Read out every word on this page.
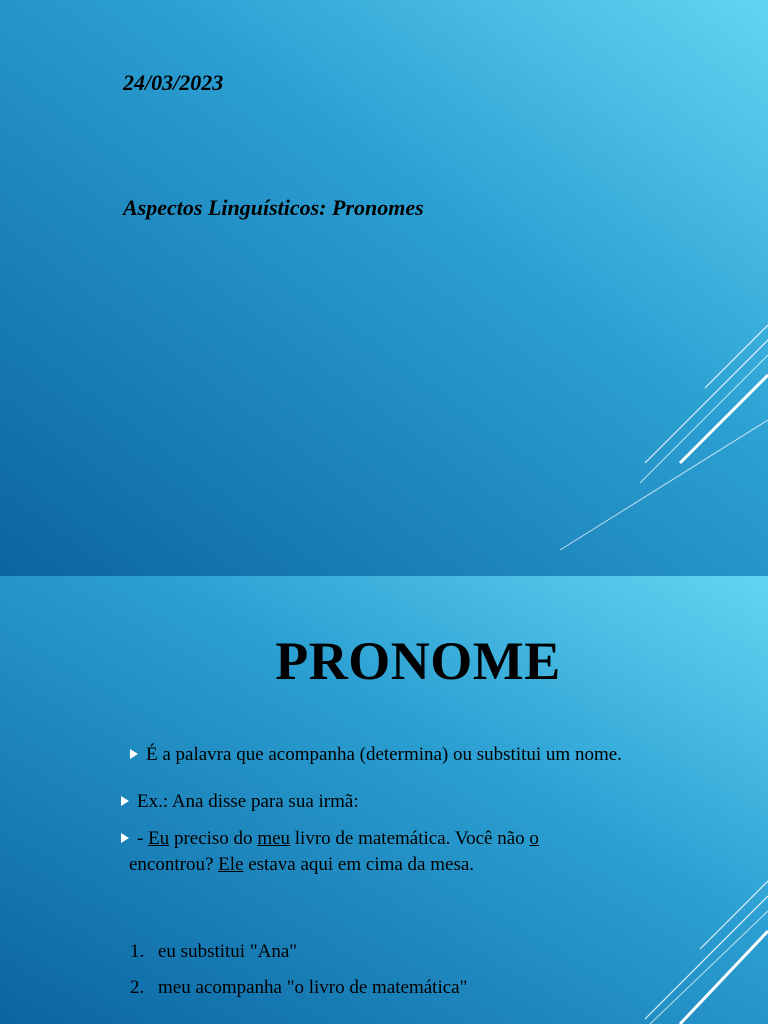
24/03/2023
Aspectos Linguísticos: Pronomes
PRONOME
É a palavra que acompanha (determina) ou substitui um nome.
Ex.: Ana disse para sua irmã:
- Eu preciso do meu livro de matemática. Você não o
encontrou? Ele estava aqui em cima da mesa.
1. eu substitui "Ana"
2. meu acompanha "o livro de matemática"
